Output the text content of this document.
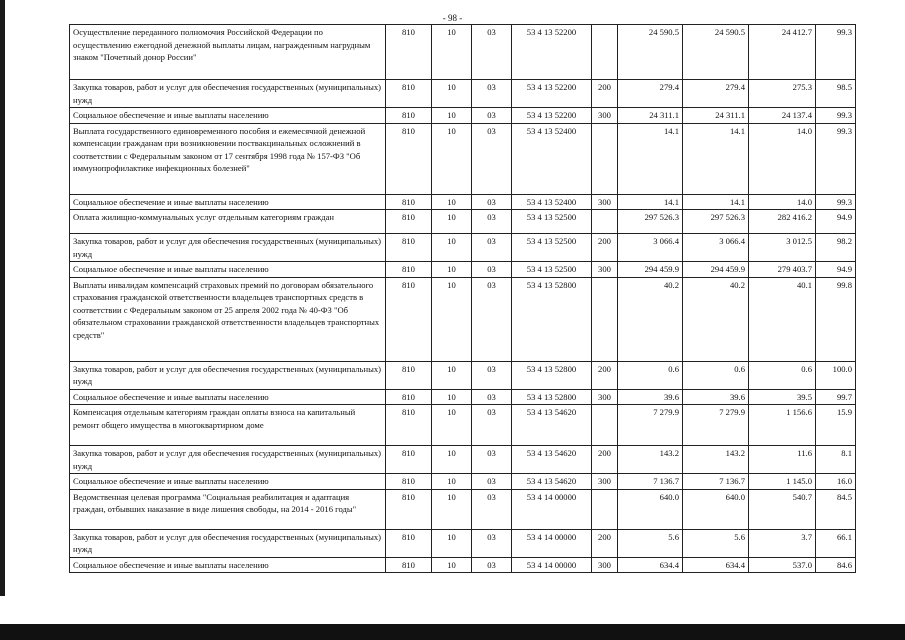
- 98 -
Осуществление переданного полномочия Российской Федерации по осуществлению ежегодной денежной выплаты лицам, награжденным нагрудным знаком "Почетный донор России"	810	10	03	53 4 13 52200		24 590.5	24 590.5	24 412.7	99.3
Закупка товаров, работ и услуг для обеспечения государственных (муниципальных) нужд	810	10	03	53 4 13 52200	200	279.4	279.4	275.3	98.5
Социальное обеспечение и иные выплаты населению	810	10	03	53 4 13 52200	300	24 311.1	24 311.1	24 137.4	99.3
Выплата государственного единовременного пособия и ежемесячной денежной компенсации гражданам при возникновении поствакцинальных осложнений в соответствии с Федеральным законом от 17 сентября 1998 года № 157-ФЗ "Об иммунопрофилактике инфекционных болезней"	810	10	03	53 4 13 52400		14.1	14.1	14.0	99.3
Социальное обеспечение и иные выплаты населению	810	10	03	53 4 13 52400	300	14.1	14.1	14.0	99.3
Оплата жилищно-коммунальных услуг отдельным категориям граждан	810	10	03	53 4 13 52500		297 526.3	297 526.3	282 416.2	94.9
Закупка товаров, работ и услуг для обеспечения государственных (муниципальных) нужд	810	10	03	53 4 13 52500	200	3 066.4	3 066.4	3 012.5	98.2
Социальное обеспечение и иные выплаты населению	810	10	03	53 4 13 52500	300	294 459.9	294 459.9	279 403.7	94.9
Выплаты инвалидам компенсаций страховых премий по договорам обязательного страхования гражданской ответственности владельцев транспортных средств в соответствии с Федеральным законом от 25 апреля 2002 года № 40-ФЗ "Об обязательном страховании гражданской ответственности владельцев транспортных средств"	810	10	03	53 4 13 52800		40.2	40.2	40.1	99.8
Закупка товаров, работ и услуг для обеспечения государственных (муниципальных) нужд	810	10	03	53 4 13 52800	200	0.6	0.6	0.6	100.0
Социальное обеспечение и иные выплаты населению	810	10	03	53 4 13 52800	300	39.6	39.6	39.5	99.7
Компенсация отдельным категориям граждан оплаты взноса на капитальный ремонт общего имущества в многоквартирном доме	810	10	03	53 4 13 54620		7 279.9	7 279.9	1 156.6	15.9
Закупка товаров, работ и услуг для обеспечения государственных (муниципальных) нужд	810	10	03	53 4 13 54620	200	143.2	143.2	11.6	8.1
Социальное обеспечение и иные выплаты населению	810	10	03	53 4 13 54620	300	7 136.7	7 136.7	1 145.0	16.0
Ведомственная целевая программа "Социальная реабилитация и адаптация граждан, отбывших наказание в виде лишения свободы, на 2014 - 2016 годы"	810	10	03	53 4 14 00000		640.0	640.0	540.7	84.5
Закупка товаров, работ и услуг для обеспечения государственных (муниципальных) нужд	810	10	03	53 4 14 00000	200	5.6	5.6	3.7	66.1
Социальное обеспечение и иные выплаты населению	810	10	03	53 4 14 00000	300	634.4	634.4	537.0	84.6
